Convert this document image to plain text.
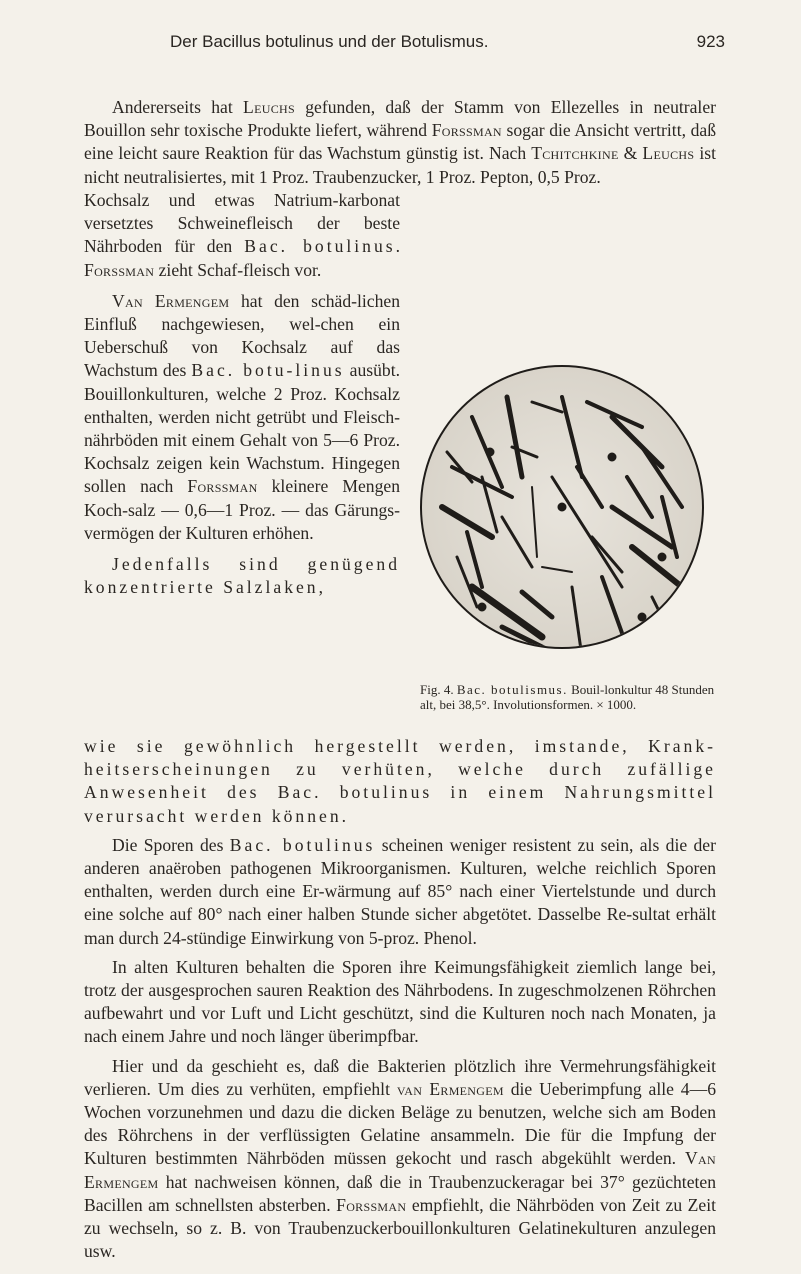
Der Bacillus botulinus und der Botulismus.	923

Andererseits hat Leuchs gefunden, daß der Stamm von Ellezelles in neutraler Bouillon sehr toxische Produkte liefert, während Forssman sogar die Ansicht vertritt, daß eine leicht saure Reaktion für das Wachstum günstig ist. Nach Tchitchkine & Leuchs ist nicht neutralisiertes, mit 1 Proz. Traubenzucker, 1 Proz. Pepton, 0,5 Proz.

Kochsalz und etwas Natrium-karbonat versetztes Schweinefleisch der beste Nährboden für den Bac. botulinus. Forssman zieht Schaf-fleisch vor.

Van Ermengem hat den schäd-lichen Einfluß nachgewiesen, wel-chen ein Ueberschuß von Kochsalz auf das Wachstum des Bac. botu-linus ausübt. Bouillonkulturen, welche 2 Proz. Kochsalz enthalten, werden nicht getrübt und Fleisch-nährböden mit einem Gehalt von 5—6 Proz. Kochsalz zeigen kein Wachstum. Hingegen sollen nach Forssman kleinere Mengen Koch-salz — 0,6—1 Proz. — das Gärungs-vermögen der Kulturen erhöhen.

Jedenfalls sind genügend konzentrierte Salzlaken,

Fig. 4. Bac. botulismus. Bouil-lonkultur 48 Stunden alt, bei 38,5°. Involutionsformen. × 1000.

wie sie gewöhnlich hergestellt werden, imstande, Krank-heitserscheinungen zu verhüten, welche durch zufällige Anwesenheit des Bac. botulinus in einem Nahrungsmittel verursacht werden können.

Die Sporen des Bac. botulinus scheinen weniger resistent zu sein, als die der anderen anaëroben pathogenen Mikroorganismen. Kulturen, welche reichlich Sporen enthalten, werden durch eine Er-wärmung auf 85° nach einer Viertelstunde und durch eine solche auf 80° nach einer halben Stunde sicher abgetötet. Dasselbe Re-sultat erhält man durch 24-stündige Einwirkung von 5-proz. Phenol.

In alten Kulturen behalten die Sporen ihre Keimungsfähigkeit ziemlich lange bei, trotz der ausgesprochen sauren Reaktion des Nährbodens. In zugeschmolzenen Röhrchen aufbewahrt und vor Luft und Licht geschützt, sind die Kulturen noch nach Monaten, ja nach einem Jahre und noch länger überimpfbar.

Hier und da geschieht es, daß die Bakterien plötzlich ihre Vermehrungsfähigkeit verlieren. Um dies zu verhüten, empfiehlt van Ermengem die Ueberimpfung alle 4—6 Wochen vorzunehmen und dazu die dicken Beläge zu benutzen, welche sich am Boden des Röhrchens in der verflüssigten Gelatine ansammeln. Die für die Impfung der Kulturen bestimmten Nährböden müssen gekocht und rasch abgekühlt werden. Van Ermengem hat nachweisen können, daß die in Traubenzuckeragar bei 37° gezüchteten Bacillen am schnellsten absterben. Forssman empfiehlt, die Nährböden von Zeit zu Zeit zu wechseln, so z. B. von Traubenzuckerbouillonkulturen Gelatinekulturen anzulegen usw.
